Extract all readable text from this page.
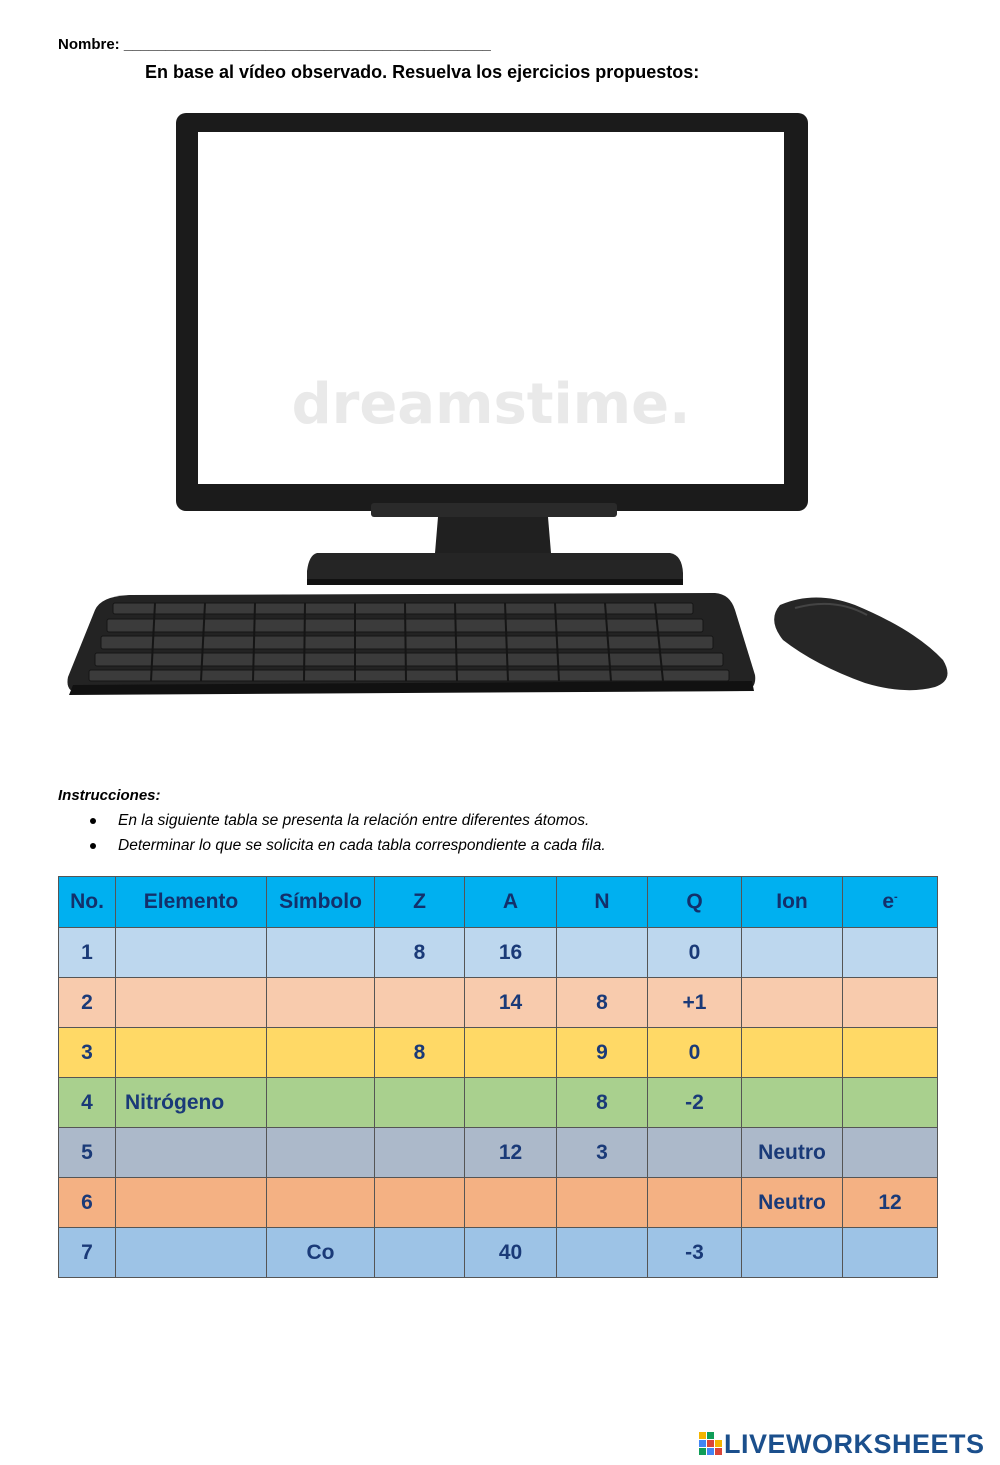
Nombre: ____________________________________________
En base al vídeo observado. Resuelva los ejercicios propuestos:
dreamstime.
Instrucciones:
En la siguiente tabla se presenta la relación entre diferentes átomos.
Determinar lo que se solicita en cada tabla correspondiente a cada fila.
No.	Elemento	Símbolo	Z	A	N	Q	Ion	e-
1			8	16		0		
2				14	8	+1		
3			8		9	0		
4	Nitrógeno				8	-2		
5				12	3		Neutro	
6							Neutro	12
7		Co		40		-3		
LIVEWORKSHEETS
